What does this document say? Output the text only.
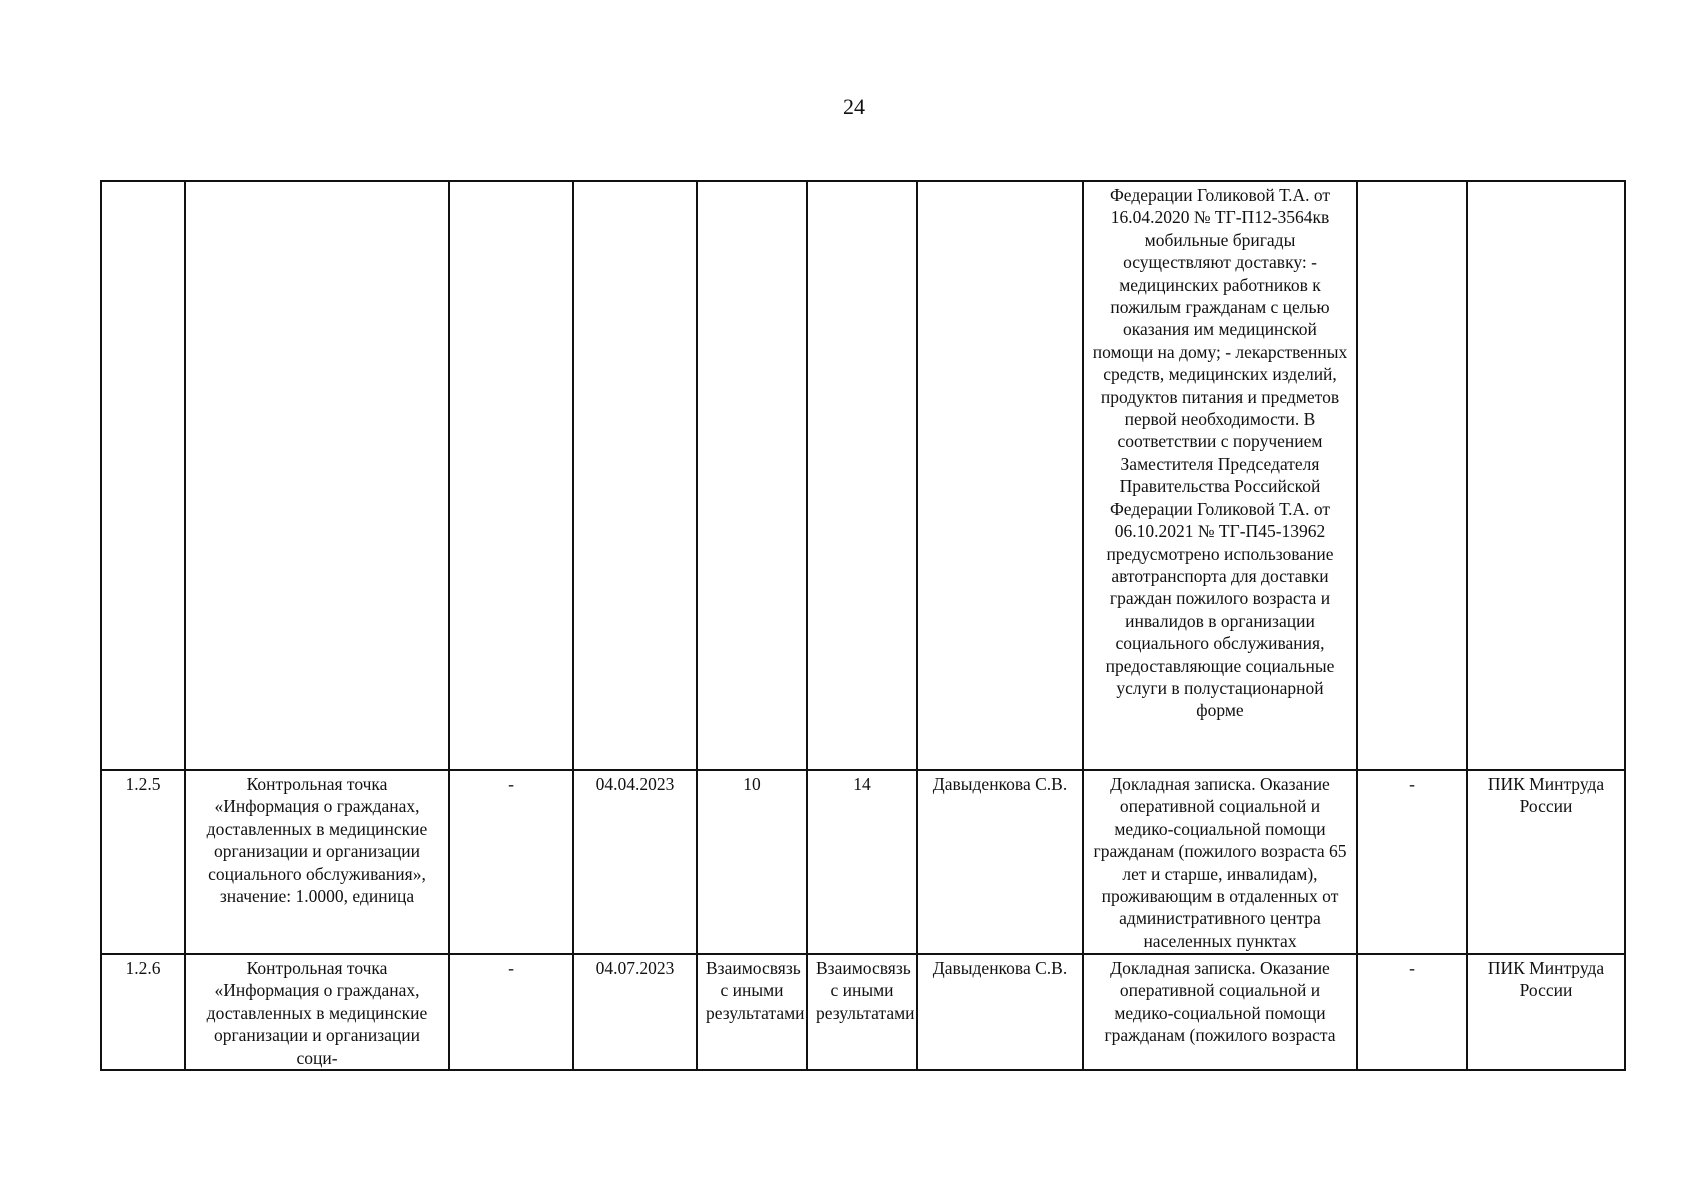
24
							Федерации Голиковой Т.А. от 16.04.2020 № ТГ-П12-3564кв мобильные бригады осуществляют доставку: - медицинских работников к пожилым гражданам с целью оказания им медицинской помощи на дому; - лекарственных средств, медицинских изделий, продуктов питания и предметов первой необходимости. В соответствии с поручением Заместителя Председателя Правительства Российской Федерации Голиковой Т.А. от 06.10.2021 № ТГ-П45-13962 предусмотрено использование автотранспорта для доставки граждан пожилого возраста и инвалидов в организации социального обслуживания, предоставляющие социальные услуги в полустационарной форме		
1.2.5	Контрольная точка «Информация о гражданах, доставленных в медицинские организации и организации социального обслуживания», значение: 1.0000, единица	-	04.04.2023	10	14	Давыденкова С.В.	Докладная записка. Оказание оперативной социальной и медико-социальной помощи гражданам (пожилого возраста 65 лет и старше, инвалидам), проживающим в отдаленных от административного центра населенных пунктах	-	ПИК Минтруда России
1.2.6	Контрольная точка «Информация о гражданах, доставленных в медицинские организации и организации соци-	-	04.07.2023	Взаимосвязь с иными результатами	Взаимосвязь с иными результатами	Давыденкова С.В.	Докладная записка. Оказание оперативной социальной и медико-социальной помощи гражданам (пожилого возраста	-	ПИК Минтруда России
